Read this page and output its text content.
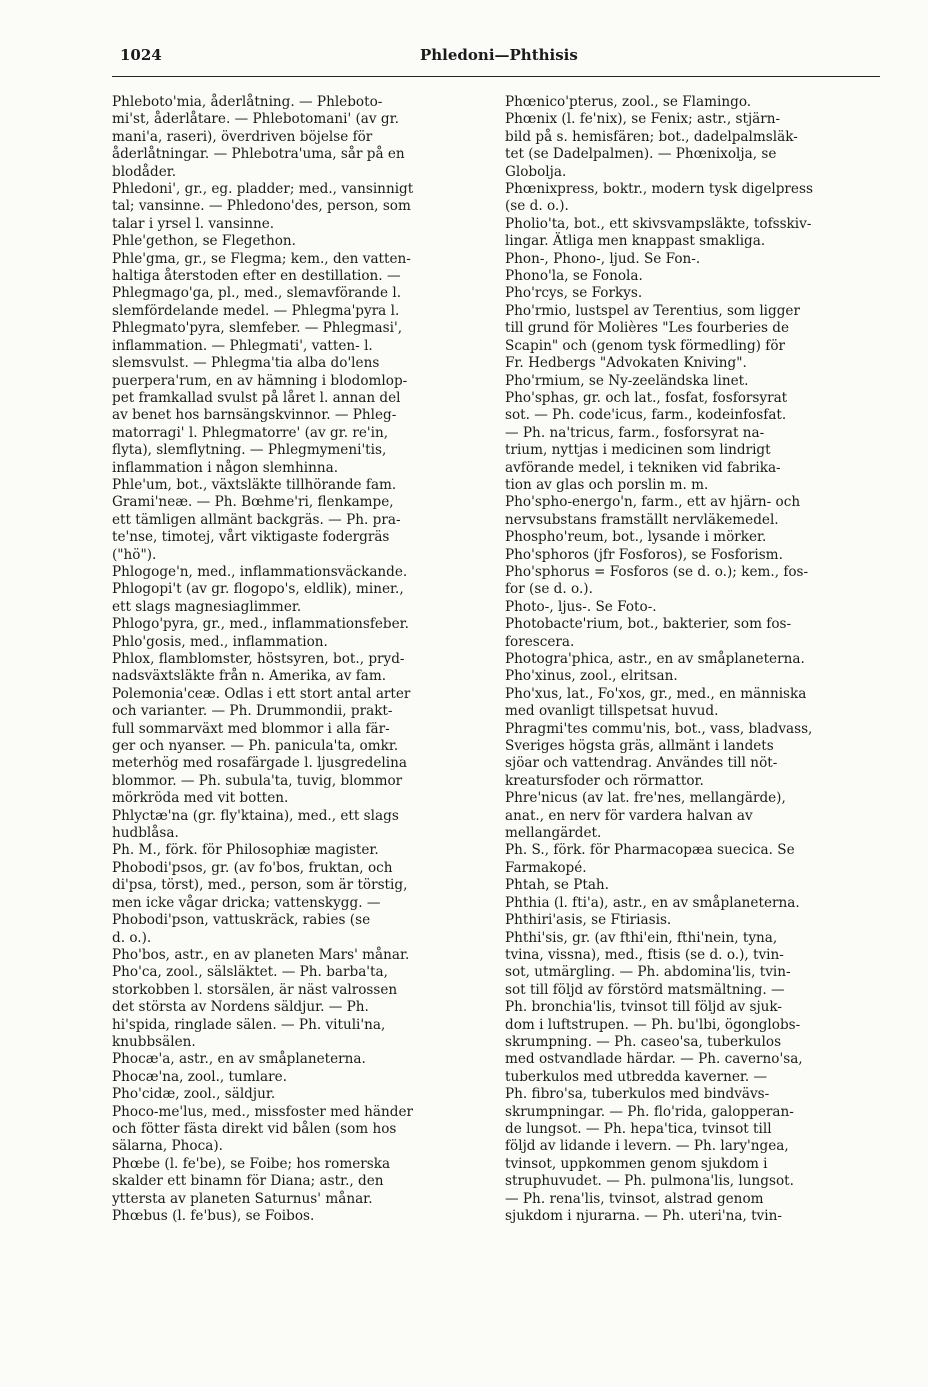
1024	Phledoni—Phthisis
Phleboto'mia, åderlåtning. — Phleboto-
mi'st, åderlåtare. — Phlebotomani' (av gr.
mani'a, raseri), överdriven böjelse för
åderlåtningar. — Phlebotra'uma, sår på en
blodåder.
Phledoni', gr., eg. pladder; med., vansinnigt
tal; vansinne. — Phledono'des, person, som
talar i yrsel l. vansinne.
Phle'gethon, se Flegethon.
Phle'gma, gr., se Flegma; kem., den vatten-
haltiga återstoden efter en destillation. —
Phlegmago'ga, pl., med., slemavförande l.
slemfördelande medel. — Phlegma'pyra l.
Phlegmato'pyra, slemfeber. — Phlegmasi',
inflammation. — Phlegmati', vatten- l.
slemsvulst. — Phlegma'tia alba do'lens
puerpera'rum, en av hämning i blodomlop-
pet framkallad svulst på låret l. annan del
av benet hos barnsängskvinnor. — Phleg-
matorragi' l. Phlegmatorre' (av gr. re'in,
flyta), slemflytning. — Phlegmymeni'tis,
inflammation i någon slemhinna.
Phle'um, bot., växtsläkte tillhörande fam.
Grami'neæ. — Ph. Bœhme'ri, flenkampe,
ett tämligen allmänt backgräs. — Ph. pra-
te'nse, timotej, vårt viktigaste fodergräs
("hö").
Phlogoge'n, med., inflammationsväckande.
Phlogopi't (av gr. flogopo's, eldlik), miner.,
ett slags magnesiaglimmer.
Phlogo'pyra, gr., med., inflammationsfeber.
Phlo'gosis, med., inflammation.
Phlox, flamblomster, höstsyren, bot., pryd-
nadsväxtsläkte från n. Amerika, av fam.
Polemonia'ceæ. Odlas i ett stort antal arter
och varianter. — Ph. Drummondii, prakt-
full sommarväxt med blommor i alla fär-
ger och nyanser. — Ph. panicula'ta, omkr.
meterhög med rosafärgade l. ljusgredelina
blommor. — Ph. subula'ta, tuvig, blommor
mörkröda med vit botten.
Phlyctæ'na (gr. fly'ktaina), med., ett slags
hudblåsa.
Ph. M., förk. för Philosophiæ magister.
Phobodi'psos, gr. (av fo'bos, fruktan, och
di'psa, törst), med., person, som är törstig,
men icke vågar dricka; vattenskygg. —
Phobodi'pson, vattuskräck, rabies (se
d. o.).
Pho'bos, astr., en av planeten Mars' månar.
Pho'ca, zool., sälsläktet. — Ph. barba'ta,
storkobben l. storsälen, är näst valrossen
det största av Nordens säldjur. — Ph.
hi'spida, ringlade sälen. — Ph. vituli'na,
knubbsälen.
Phocæ'a, astr., en av småplaneterna.
Phocæ'na, zool., tumlare.
Pho'cidæ, zool., säldjur.
Phoco-me'lus, med., missfoster med händer
och fötter fästa direkt vid bålen (som hos
sälarna, Phoca).
Phœbe (l. fe'be), se Foibe; hos romerska
skalder ett binamn för Diana; astr., den
yttersta av planeten Saturnus' månar.
Phœbus (l. fe'bus), se Foibos.
Phœnico'pterus, zool., se Flamingo.
Phœnix (l. fe'nix), se Fenix; astr., stjärn-
bild på s. hemisfären; bot., dadelpalmsläk-
tet (se Dadelpalmen). — Phœnixolja, se
Globolja.
Phœnixpress, boktr., modern tysk digelpress
(se d. o.).
Pholio'ta, bot., ett skivsvampsläkte, tofsskiv-
lingar. Ätliga men knappast smakliga.
Phon-, Phono-, ljud. Se Fon-.
Phono'la, se Fonola.
Pho'rcys, se Forkys.
Pho'rmio, lustspel av Terentius, som ligger
till grund för Molières "Les fourberies de
Scapin" och (genom tysk förmedling) för
Fr. Hedbergs "Advokaten Kniving".
Pho'rmium, se Ny-zeeländska linet.
Pho'sphas, gr. och lat., fosfat, fosforsyrat
sot. — Ph. code'icus, farm., kodeinfosfat.
— Ph. na'tricus, farm., fosforsyrat na-
trium, nyttjas i medicinen som lindrigt
avförande medel, i tekniken vid fabrika-
tion av glas och porslin m. m.
Pho'spho-energo'n, farm., ett av hjärn- och
nervsubstans framställt nervläkemedel.
Phospho'reum, bot., lysande i mörker.
Pho'sphoros (jfr Fosforos), se Fosforism.
Pho'sphorus = Fosforos (se d. o.); kem., fos-
for (se d. o.).
Photo-, ljus-. Se Foto-.
Photobacte'rium, bot., bakterier, som fos-
forescera.
Photogra'phica, astr., en av småplaneterna.
Pho'xinus, zool., elritsan.
Pho'xus, lat., Fo'xos, gr., med., en människa
med ovanligt tillspetsat huvud.
Phragmi'tes commu'nis, bot., vass, bladvass,
Sveriges högsta gräs, allmänt i landets
sjöar och vattendrag. Användes till nöt-
kreatursfoder och rörmattor.
Phre'nicus (av lat. fre'nes, mellangärde),
anat., en nerv för vardera halvan av
mellangärdet.
Ph. S., förk. för Pharmacopæa suecica. Se
Farmakopé.
Phtah, se Ptah.
Phthia (l. fti'a), astr., en av småplaneterna.
Phthiri'asis, se Ftiriasis.
Phthi'sis, gr. (av fthi'ein, fthi'nein, tyna,
tvina, vissna), med., ftisis (se d. o.), tvin-
sot, utmärgling. — Ph. abdomina'lis, tvin-
sot till följd av förstörd matsmältning. —
Ph. bronchia'lis, tvinsot till följd av sjuk-
dom i luftstrupen. — Ph. bu'lbi, ögonglobs-
skrumpning. — Ph. caseo'sa, tuberkulos
med ostvandlade härdar. — Ph. caverno'sa,
tuberkulos med utbredda kaverner. —
Ph. fibro'sa, tuberkulos med bindvävs-
skrumpningar. — Ph. flo'rida, galopperan-
de lungsot. — Ph. hepa'tica, tvinsot till
följd av lidande i levern. — Ph. lary'ngea,
tvinsot, uppkommen genom sjukdom i
struphuvudet. — Ph. pulmona'lis, lungsot.
— Ph. rena'lis, tvinsot, alstrad genom
sjukdom i njurarna. — Ph. uteri'na, tvin-
